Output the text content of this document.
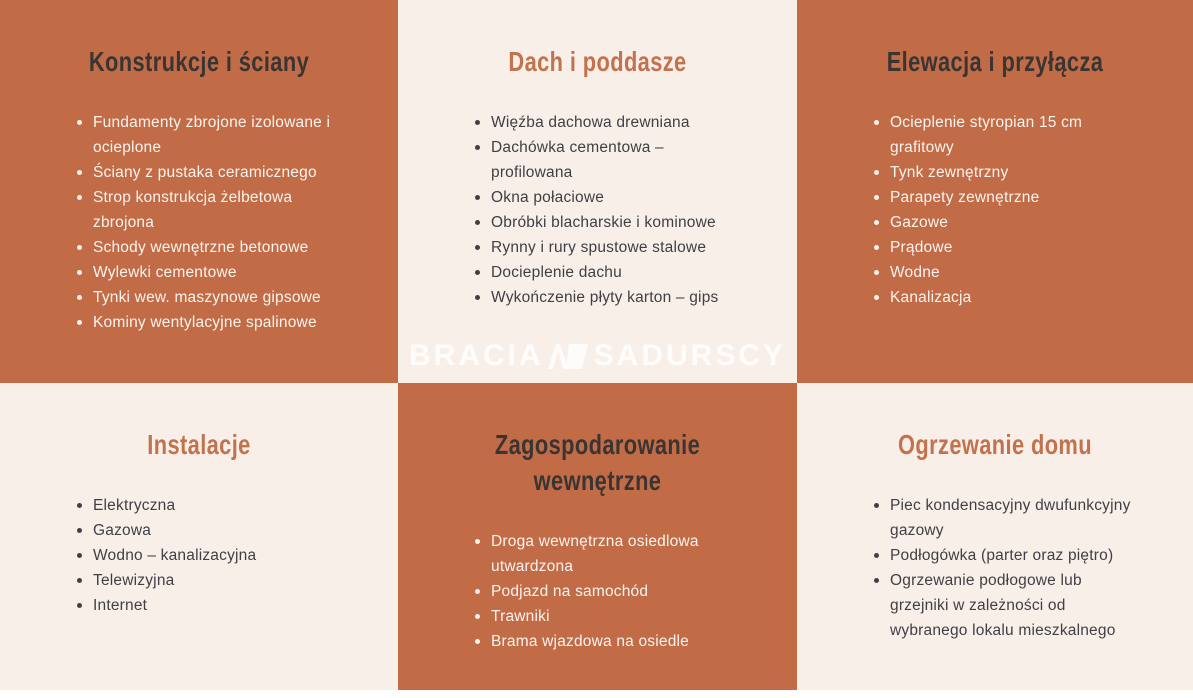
Konstrukcje i ściany
Fundamenty zbrojone izolowane i ocieplone
Ściany z pustaka ceramicznego
Strop konstrukcja żelbetowa zbrojona
Schody wewnętrzne betonowe
Wylewki cementowe
Tynki wew. maszynowe gipsowe
Kominy wentylacyjne spalinowe
Dach i poddasze
Więźba dachowa drewniana
Dachówka cementowa – profilowana
Okna połaciowe
Obróbki blacharskie i kominowe
Rynny i rury spustowe stalowe
Docieplenie dachu
Wykończenie płyty karton – gips
BRACIA SADURSCY
Elewacja i przyłącza
Ocieplenie styropian 15 cm grafitowy
Tynk zewnętrzny
Parapety zewnętrzne
Gazowe
Prądowe
Wodne
Kanalizacja
Instalacje
Elektryczna
Gazowa
Wodno – kanalizacyjna
Telewizyjna
Internet
Zagospodarowanie wewnętrzne
Droga wewnętrzna osiedlowa utwardzona
Podjazd na samochód
Trawniki
Brama wjazdowa na osiedle
Ogrzewanie domu
Piec kondensacyjny dwufunkcyjny gazowy
Podłogówka (parter oraz piętro)
Ogrzewanie podłogowe lub grzejniki w zależności od wybranego lokalu mieszkalnego
